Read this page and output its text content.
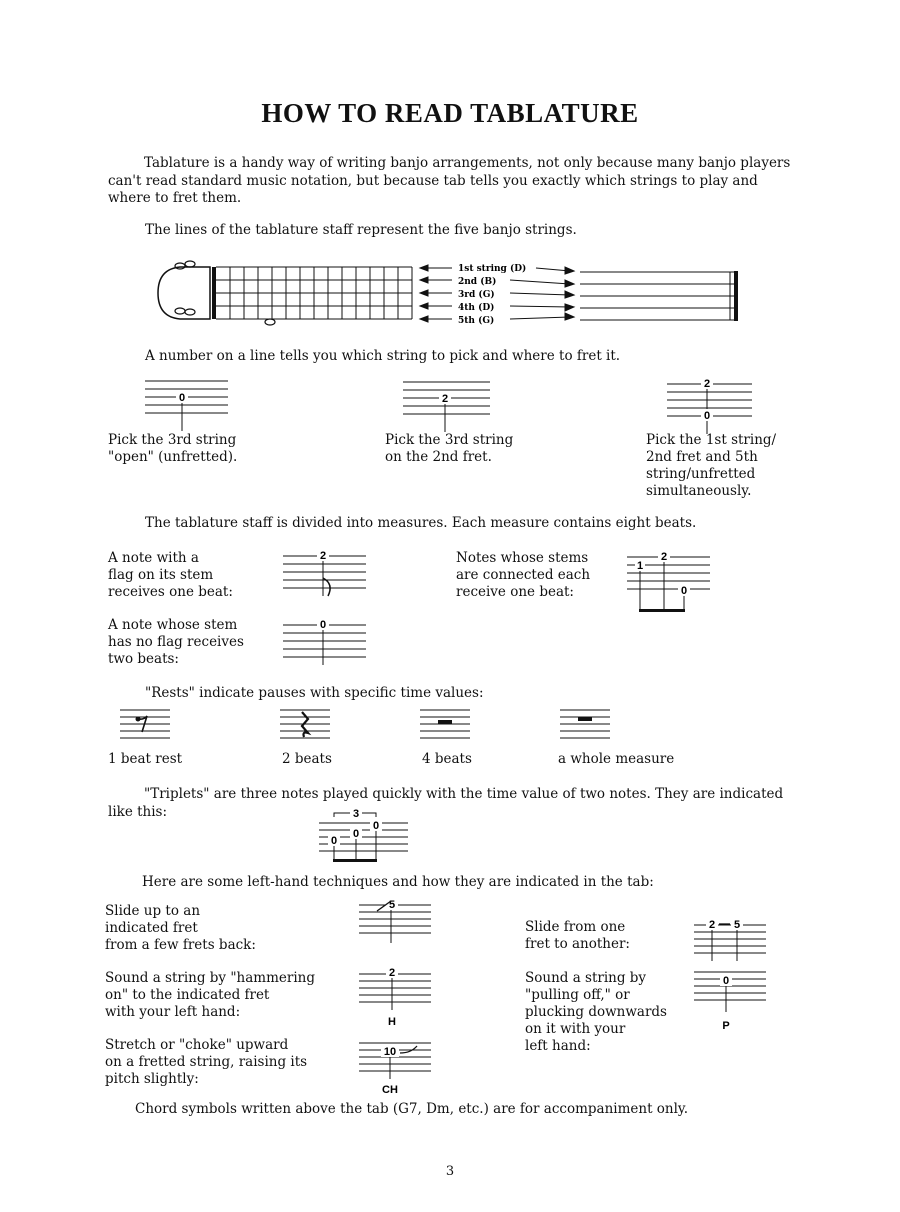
HOW TO READ TABLATURE
Tablature is a handy way of writing banjo arrangements, not only because many banjo players can't read standard music notation, but because tab tells you exactly which strings to play and where to fret them.
The lines of the tablature staff represent the five banjo strings.
1st string (D)
2nd (B)
3rd (G)
4th (D)
5th (G)
A number on a line tells you which string to pick and where to fret it.
0
Pick the 3rd string
"open" (unfretted).
2
Pick the 3rd string
on the 2nd fret.
2
0
Pick the 1st string/
2nd fret and 5th
string/unfretted
simultaneously.
The tablature staff is divided into measures. Each measure contains eight beats.
A note with a
flag on its stem
receives one beat:
2	Notes whose stems
are connected each
receive one beat:
1
2
0
A note whose stem
has no flag receives
two beats:
0
"Rests" indicate pauses with specific time values:
1 beat rest	2 beats	4 beats	a whole measure
"Triplets" are three notes played quickly with the time value of two notes. They are indicated like this:	3
0
0
0
Here are some left-hand techniques and how they are indicated in the tab:
Slide up to an
indicated fret
from a few frets back:
5
Slide from one
fret to another:
2 5
Sound a string by "hammering
on" to the indicated fret
with your left hand:
2
H
Sound a string by
"pulling off," or
plucking downwards
on it with your
left hand:
0
P
Stretch or "choke" upward
on a fretted string, raising its
pitch slightly:
10
CH
Chord symbols written above the tab (G7, Dm, etc.) are for accompaniment only.
3
